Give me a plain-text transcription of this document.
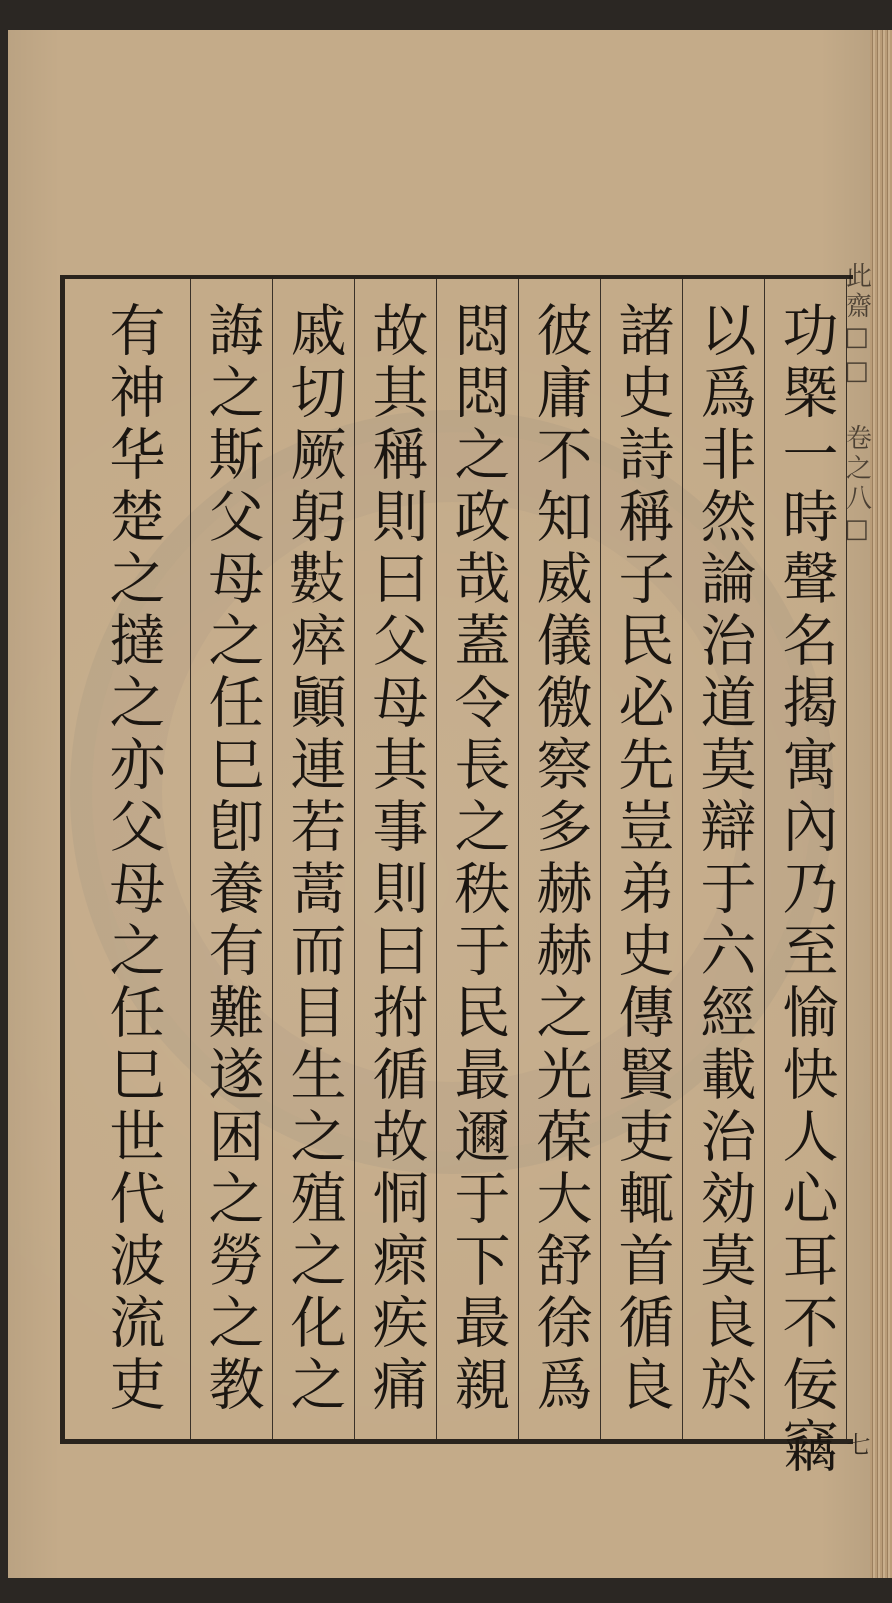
功槩一時聲名揭寓內乃至愉快人心耳不佞竊
以爲非然論治道莫辯于六經載治効莫良於
諸史詩稱子民必先豈弟史傳賢吏輒首循良
彼庸不知威儀徼察多赫赫之光葆大舒徐爲
悶悶之政哉蓋令長之秩于民最邇于下最親
故其稱則曰父母其事則曰拊循故恫瘝疾痛
戚切厥躬𢿘瘁顚連若蒿而目生之殖之化之
誨之斯父母之任巳卽養有難遂困之勞之教
有神华楚之撻之亦父母之任巳世代波流吏	此齋□□ 卷之八□
七
